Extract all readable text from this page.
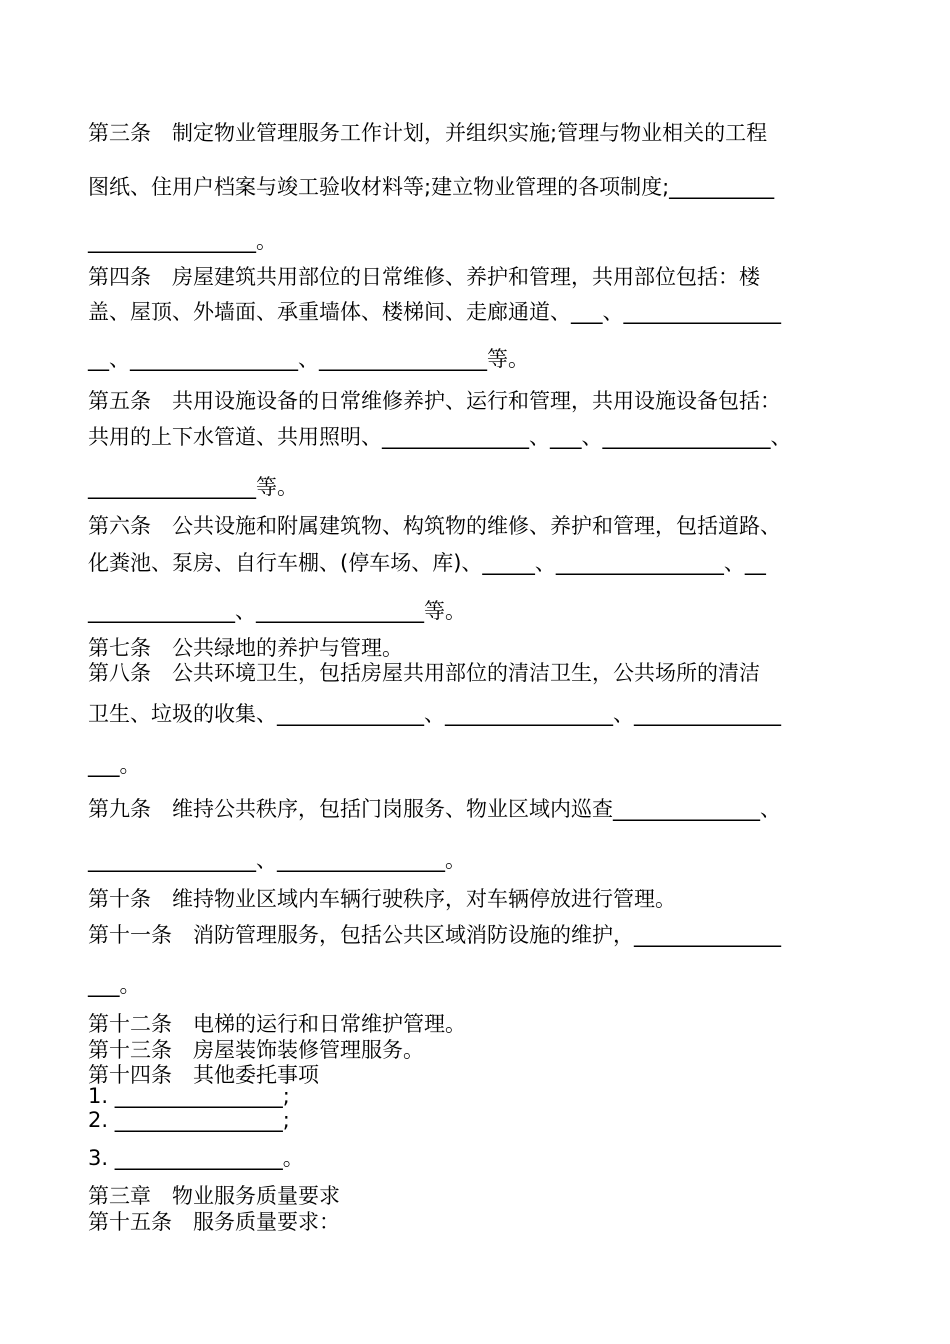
第三条　制定物业管理服务工作计划，并组织实施;管理与物业相关的工程
图纸、住用户档案与竣工验收材料等;建立物业管理的各项制度;__________
________________。
第四条　房屋建筑共用部位的日常维修、养护和管理，共用部位包括：楼
盖、屋顶、外墙面、承重墙体、楼梯间、走廊通道、___、_______________
__、________________、________________等。
第五条　共用设施设备的日常维修养护、运行和管理，共用设施设备包括：
共用的上下水管道、共用照明、______________、___、________________、
________________等。
第六条　公共设施和附属建筑物、构筑物的维修、养护和管理，包括道路、
化粪池、泵房、自行车棚、(停车场、库)、_____、________________、__
______________、________________等。
第七条　公共绿地的养护与管理。
第八条　公共环境卫生，包括房屋共用部位的清洁卫生，公共场所的清洁
卫生、垃圾的收集、______________、________________、______________
___。
第九条　维持公共秩序，包括门岗服务、物业区域内巡查______________、
________________、________________。
第十条　维持物业区域内车辆行驶秩序，对车辆停放进行管理。
第十一条　消防管理服务，包括公共区域消防设施的维护，______________
___。
第十二条　电梯的运行和日常维护管理。
第十三条　房屋装饰装修管理服务。
第十四条　其他委托事项
1. ________________;
2. ________________;
3. ________________。
第三章　物业服务质量要求
第十五条　服务质量要求：
